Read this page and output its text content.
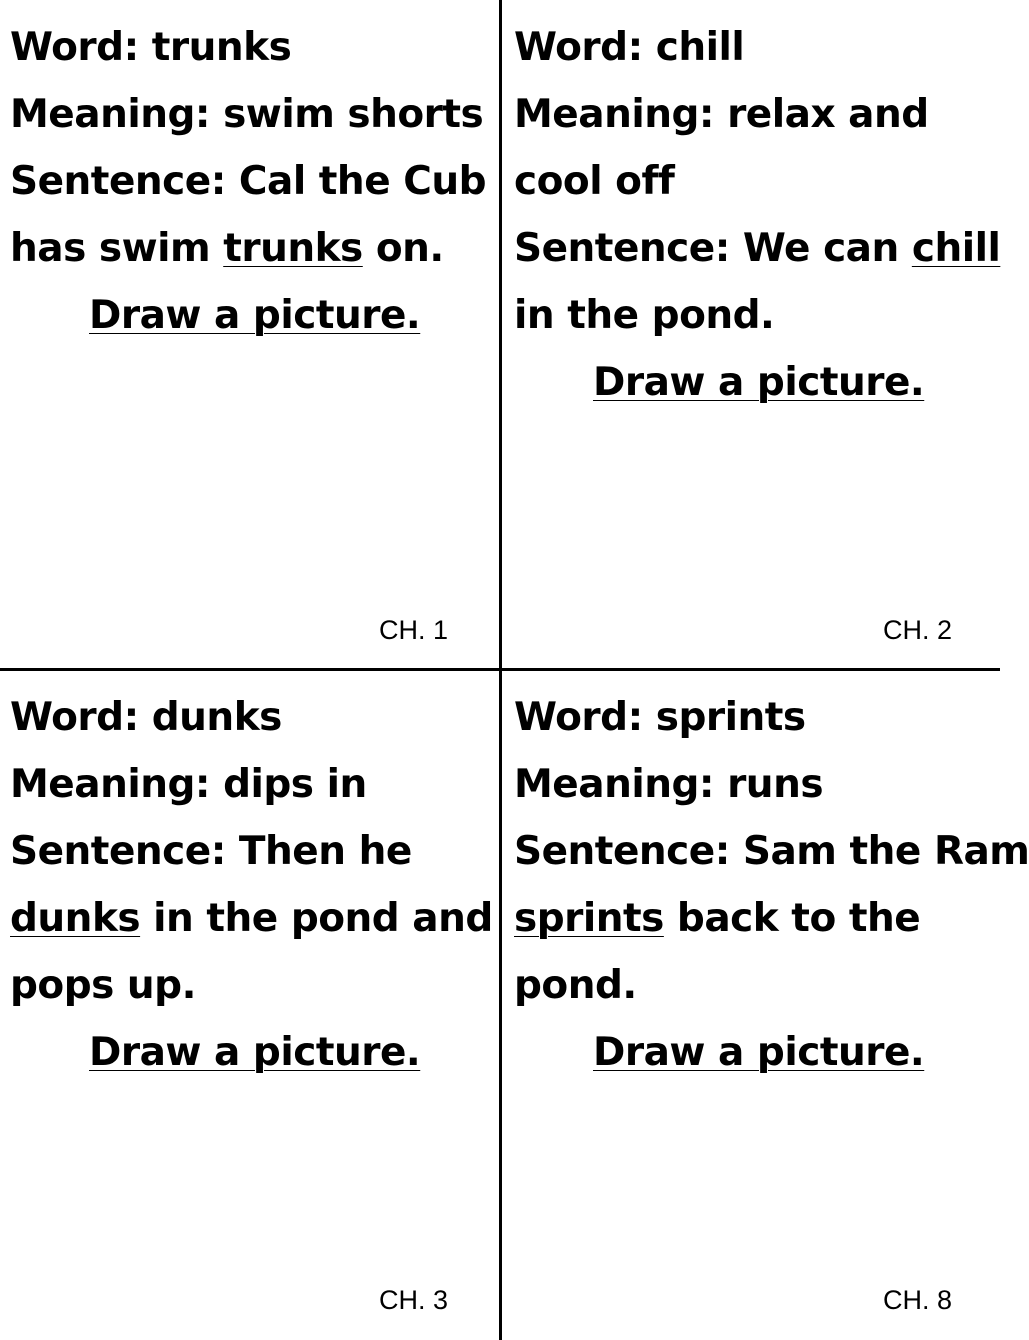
Word: trunks
Meaning: swim shorts
Sentence: Cal the Cub
has swim trunks on.
Draw a picture.
CH. 1
Word: chill
Meaning: relax and
cool off
Sentence: We can chill
in the pond.
Draw a picture.
CH. 2
Word: dunks
Meaning: dips in
Sentence: Then he
dunks in the pond and
pops up.
Draw a picture.
CH. 3
Word: sprints
Meaning: runs
Sentence: Sam the Ram
sprints back to the
pond.
Draw a picture.
CH. 8
